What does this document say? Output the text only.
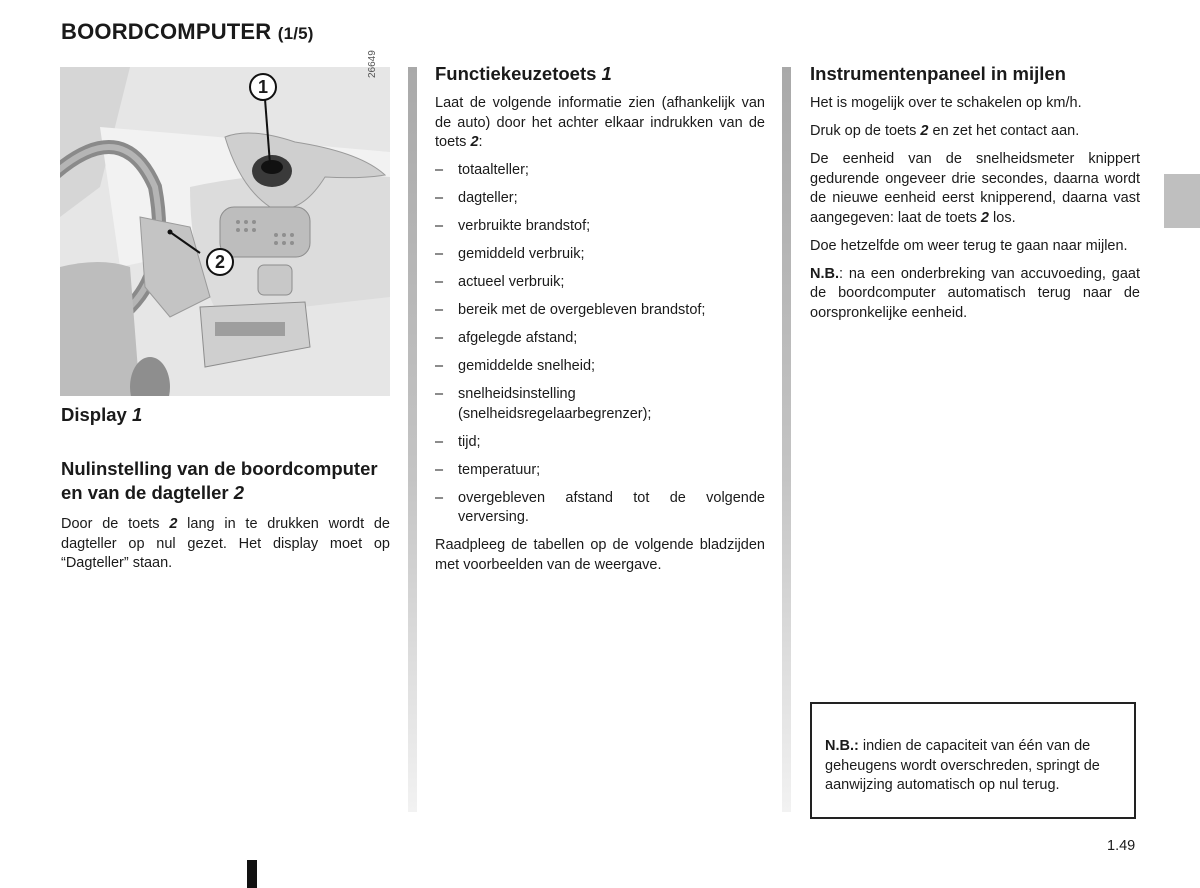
BOORDCOMPUTER (1/5)
26649
1
2
Display 1
Nulinstelling van de boordcomputer en van de dagteller 2

Door de toets 2 lang in te drukken wordt de dagteller op nul gezet. Het display moet op “Dagteller” staan.

Functiekeuzetoets 1

Laat de volgende informatie zien (afhankelijk van de auto) door het achter elkaar indrukken van de toets 2:

– totaalteller;
– dagteller;
– verbruikte brandstof;
– gemiddeld verbruik;
– actueel verbruik;
– bereik met de overgebleven brandstof;
– afgelegde afstand;
– gemiddelde snelheid;
– snelheidsinstelling (snelheidsregelaarbegrenzer);
– tijd;
– temperatuur;
– overgebleven afstand tot de volgende verversing.

Raadpleeg de tabellen op de volgende bladzijden met voorbeelden van de weergave.

Instrumentenpaneel in mijlen

Het is mogelijk over te schakelen op km/h.

Druk op de toets 2 en zet het contact aan.

De eenheid van de snelheidsmeter knippert gedurende ongeveer drie secondes, daarna wordt de nieuwe eenheid eerst knipperend, daarna vast aangegeven: laat de toets 2 los.

Doe hetzelfde om weer terug te gaan naar mijlen.

N.B.: na een onderbreking van accuvoeding, gaat de boordcomputer automatisch terug naar de oorspronkelijke eenheid.

N.B.: indien de capaciteit van één van de geheugens wordt overschreden, springt de aanwijzing automatisch op nul terug.
1.49
